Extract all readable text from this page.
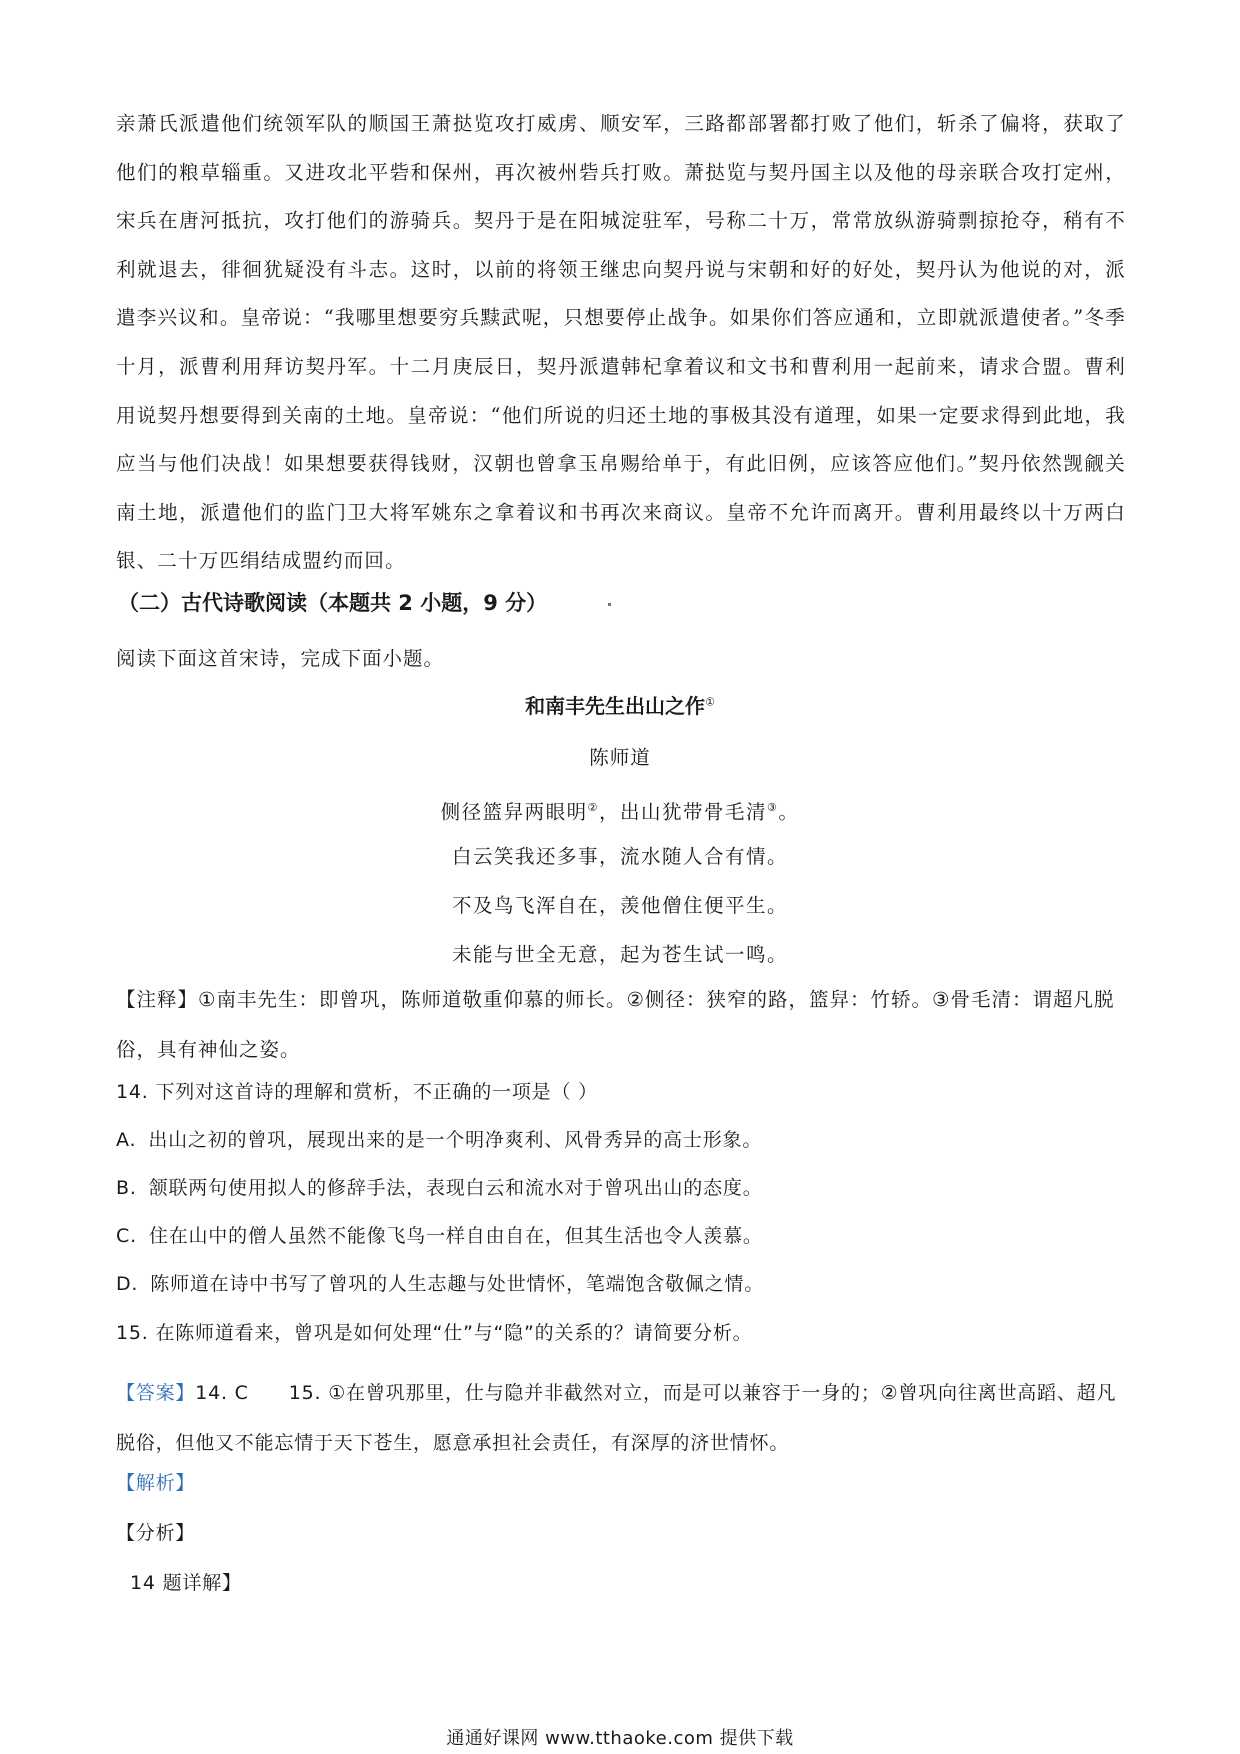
亲萧氏派遣他们统领军队的顺国王萧挞览攻打威虏、顺安军，三路都部署都打败了他们，斩杀了偏将，获取了他们的粮草辎重。又进攻北平砦和保州，再次被州砦兵打败。萧挞览与契丹国主以及他的母亲联合攻打定州，宋兵在唐河抵抗，攻打他们的游骑兵。契丹于是在阳城淀驻军，号称二十万，常常放纵游骑剽掠抢夺，稍有不利就退去，徘徊犹疑没有斗志。这时，以前的将领王继忠向契丹说与宋朝和好的好处，契丹认为他说的对，派遣李兴议和。皇帝说：“我哪里想要穷兵黩武呢，只想要停止战争。如果你们答应通和，立即就派遣使者。”冬季十月，派曹利用拜访契丹军。十二月庚辰日，契丹派遣韩杞拿着议和文书和曹利用一起前来，请求合盟。曹利用说契丹想要得到关南的土地。皇帝说：“他们所说的归还土地的事极其没有道理，如果一定要求得到此地，我应当与他们决战！如果想要获得钱财，汉朝也曾拿玉帛赐给单于，有此旧例，应该答应他们。”契丹依然觊觎关南土地，派遣他们的监门卫大将军姚东之拿着议和书再次来商议。皇帝不允许而离开。曹利用最终以十万两白银、二十万匹绢结成盟约而回。
（二）古代诗歌阅读（本题共 2 小题，9 分）
阅读下面这首宋诗，完成下面小题。
和南丰先生出山之作①
陈师道
侧径篮舁两眼明②，出山犹带骨毛清③。
白云笑我还多事，流水随人合有情。
不及鸟飞浑自在，羡他僧住便平生。
未能与世全无意，起为苍生试一鸣。
【注释】①南丰先生：即曾巩，陈师道敬重仰慕的师长。②侧径：狭窄的路，篮舁：竹轿。③骨毛清：谓超凡脱俗，具有神仙之姿。
14. 下列对这首诗的理解和赏析，不正确的一项是（ ）
A. 出山之初的曾巩，展现出来的是一个明净爽利、风骨秀异的高士形象。
B. 颔联两句使用拟人的修辞手法，表现白云和流水对于曾巩出山的态度。
C. 住在山中的僧人虽然不能像飞鸟一样自由自在，但其生活也令人羡慕。
D. 陈师道在诗中书写了曾巩的人生志趣与处世情怀，笔端饱含敬佩之情。
15. 在陈师道看来，曾巩是如何处理“仕”与“隐”的关系的？请简要分析。
【答案】14. C 15. ①在曾巩那里，仕与隐并非截然对立，而是可以兼容于一身的；②曾巩向往离世高蹈、超凡脱俗，但他又不能忘情于天下苍生，愿意承担社会责任，有深厚的济世情怀。
【解析】
【分析】
14 题详解】
通通好课网 www.tthaoke.com 提供下载
